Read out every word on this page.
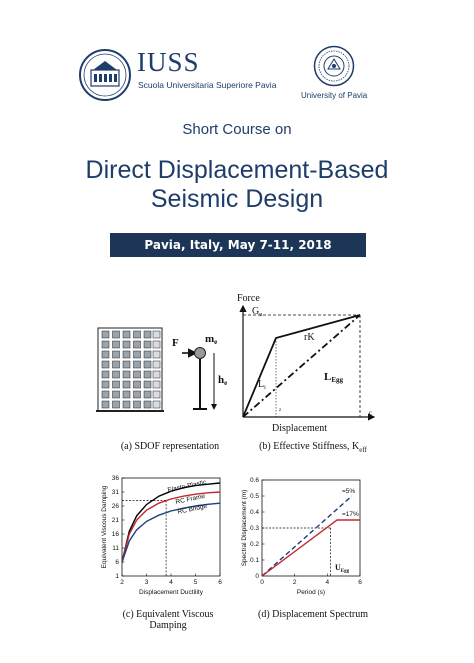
IUSS
Scuola Universitaria Superiore Pavia
University of Pavia
Short Course on
Direct Displacement-Based
Seismic Design
Pavia, Italy, May 7-11, 2018
F me
he
(a) SDOF representation
Force
$G_u$
rK
$L_i$
LEgg
c
z
Displacement
(b) Effective Stiffness, $K_{eff}$
2	3	4	5	6
1
6
11
16
21
26
31
36
Displacement Ductility
Equivalent Viscous Damping	Elasto-Plastic
RC Frame
RC Bridge
(c) Equivalent Viscous
Damping
0	2	4	6
0
0.1
0.2
0.3
0.4
0.5
0.6
Period (s)
Spectral Displacement (m)	=5%
=17%
$U_{Egg}$
(d) Displacement Spectrum
